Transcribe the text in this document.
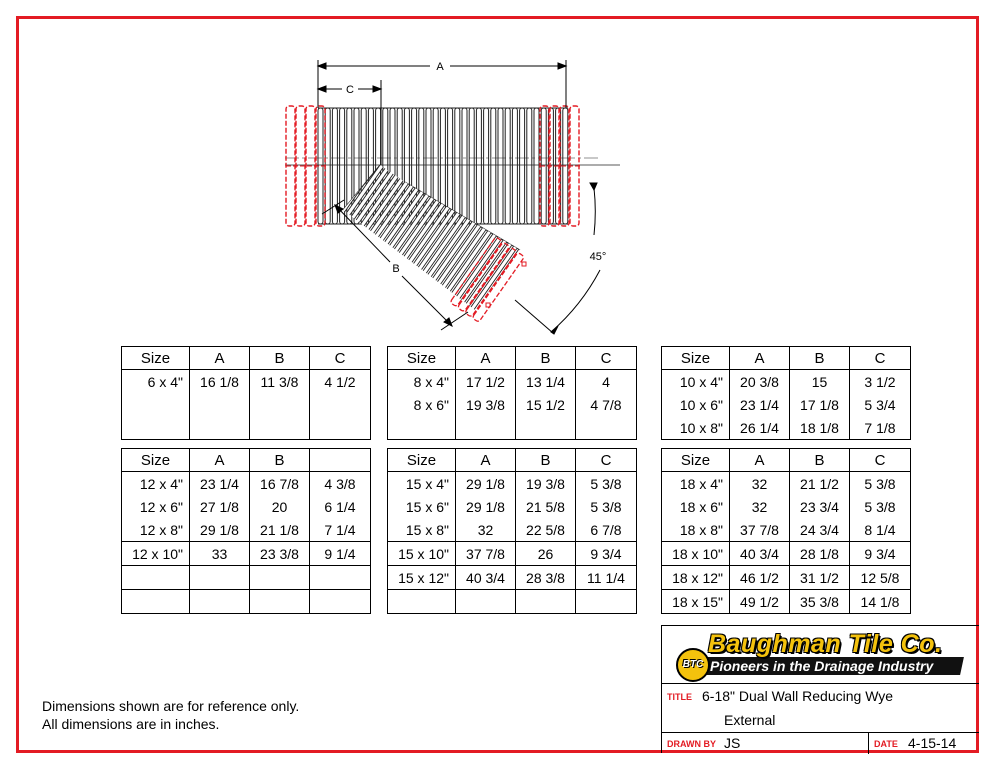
A
C
B
45°
Size	A	B	C
6 x 4"	16 1/8	11 3/8	4 1/2

Size	A	B	C
8 x 4"	17 1/2	13 1/4	4
8 x 6"	19 3/8	15 1/2	4 7/8

Size	A	B	C
10 x 4"	20 3/8	15	3 1/2
10 x 6"	23 1/4	17 1/8	5 3/4
10 x 8"	26 1/4	18 1/8	7 1/8
Size	A	B	
12 x 4"	23 1/4	16 7/8	4 3/8
12 x 6"	27 1/8	20	6 1/4
12 x 8"	29 1/8	21 1/8	7 1/4
12 x 10"	33	23 3/8	9 1/4

Size	A	B	C
15 x 4"	29 1/8	19 3/8	5 3/8
15 x 6"	29 1/8	21 5/8	5 3/8
15 x 8"	32	22 5/8	6 7/8
15 x 10"	37 7/8	26	9 3/4
15 x 12"	40 3/4	28 3/8	11 1/4

Size	A	B	C
18 x 4"	32	21 1/2	5 3/8
18 x 6"	32	23 3/4	5 3/8
18 x 8"	37 7/8	24 3/4	8 1/4
18 x 10"	40 3/4	28 1/8	9 3/4
18 x 12"	46 1/2	31 1/2	12 5/8
18 x 15"	49 1/2	35 3/8	14 1/8
Dimensions shown are for reference only.
All dimensions are in inches.
Baughman Tile Co.
Pioneers in the Drainage Industry
BTC
TITLE 6-18" Dual Wall Reducing Wye
External
DRAWN BY JS	DATE 4-15-14
